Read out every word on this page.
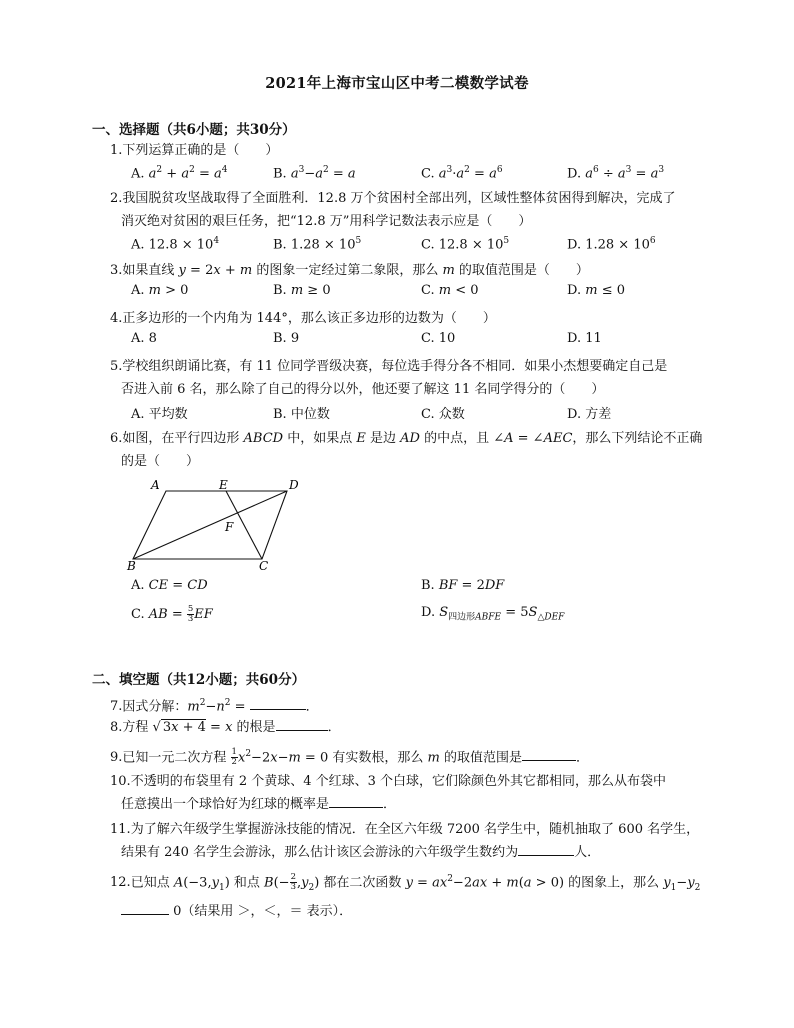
2021年上海市宝山区中考二模数学试卷
一、选择题（共6小题；共30分）
1.下列运算正确的是（　　）
A. $a^2 + a^2 = a^4$	B. $a^3-a^2 = a$	C. $a^3\cdot a^2 = a^6$	D. $a^6 \div a^3 = a^3$
2.我国脱贫攻坚战取得了全面胜利．12.8 万个贫困村全部出列，区域性整体贫困得到解决，完成了
消灭绝对贫困的艰巨任务，把“12.8 万”用科学记数法表示应是（　　）
A. $12.8 \times 10^4$	B. $1.28 \times 10^5$	C. $12.8 \times 10^5$	D. $1.28 \times 10^6$
3.如果直线 y = 2x + m 的图象一定经过第二象限，那么 m 的取值范围是（　　）
A. m > 0	B. m ≥ 0	C. m < 0	D. m ≤ 0
4.正多边形的一个内角为 144°，那么该正多边形的边数为（　　）
A. 8	B. 9	C. 10	D. 11
5.学校组织朗诵比赛，有 11 位同学晋级决赛，每位选手得分各不相同．如果小杰想要确定自己是
否进入前 6 名，那么除了自己的得分以外，他还要了解这 11 名同学得分的（　　）
A. 平均数	B. 中位数	C. 众数	D. 方差
6.如图，在平行四边形 ABCD 中，如果点 E 是边 AD 的中点，且 ∠A = ∠AEC，那么下列结论不正确
的是（　　）
A	E	D
F
B	C
A. CE = CD	B. BF = 2DF
C. AB = $\frac{5}{3}$ EF	D. $S_{四边形ABFE} = 5S_{\triangle DEF}$
二、填空题（共12小题；共60分）
7.因式分解：$m^2-n^2$ =	．
8.方程 √ 3x + 4 = x 的根是	．
9.已知一元二次方程 $\frac{1}{2} x^2-2x-m = 0$ 有实数根，那么 m 的取值范围是	．
10.不透明的布袋里有 2 个黄球、4 个红球、3 个白球，它们除颜色外其它都相同，那么从布袋中
任意摸出一个球恰好为红球的概率是	．
11.为了解六年级学生掌握游泳技能的情况．在全区六年级 7200 名学生中，随机抽取了 600 名学生，
结果有 240 名学生会游泳，那么估计该区会游泳的六年级学生数约为	人．
12.已知点 $A(-3,y_1)$ 和点 $B(- \frac{2}{3} ,y_2)$ 都在二次函数 $y = ax^2-2ax + m(a > 0)$ 的图象上，那么 $y_1-y_2$
0（结果用 ＞，＜，＝ 表示）．
